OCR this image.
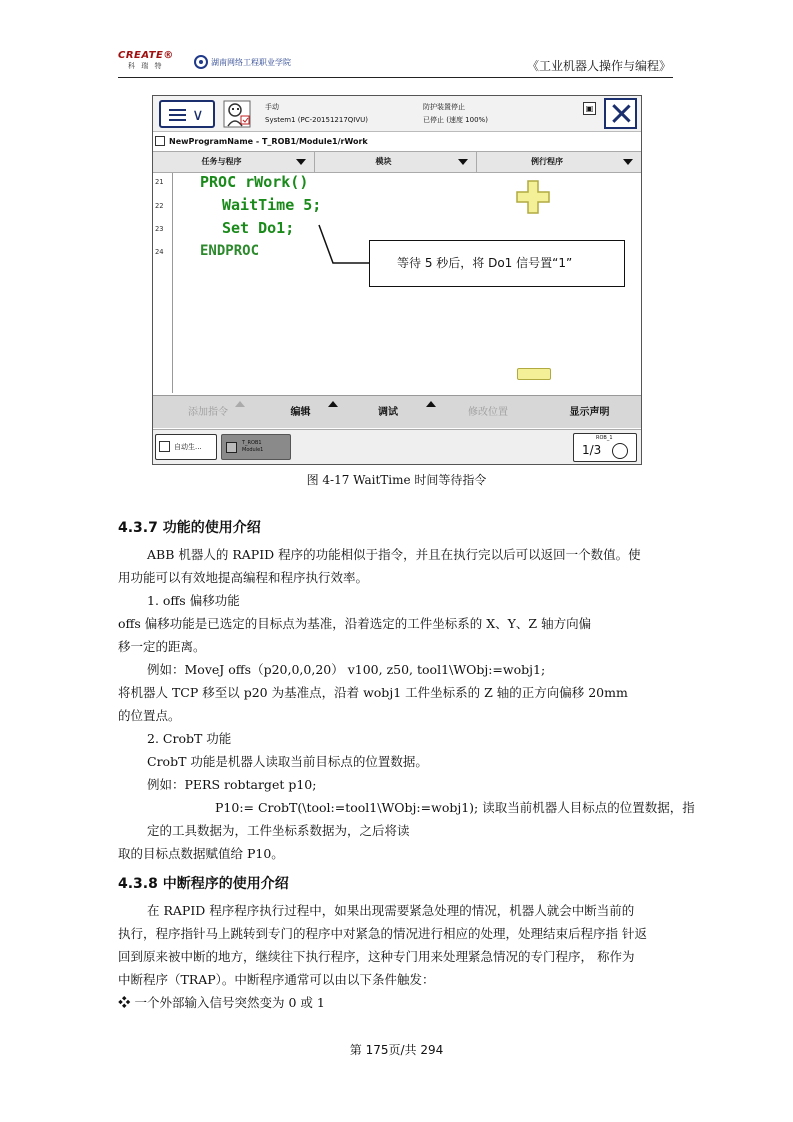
CREATE®
科 瑞 特	湖南网络工程职业学院	《工业机器人操作与编程》
∨	手动
System1 (PC-20151217QIVU)
防护装置停止
已停止 (速度 100%)
▣
NewProgramName - T_ROB1/Module1/rWork
任务与程序	模块	例行程序
21
22
23
24
PROC rWork()
WaitTime 5;
Set Do1;
ENDPROC
等待 5 秒后，将 Do1 信号置“1”
添加指令	编辑	调试	修改位置	显示声明
自动生...	T_ROB1
Module1
ROB_1
1/3
图 4-17 WaitTime 时间等待指令
4.3.7 功能的使用介绍
ABB 机器人的 RAPID 程序的功能相似于指令，并且在执行完以后可以返回一个数值。使
用功能可以有效地提高编程和程序执行效率。
1. offs 偏移功能
offs 偏移功能是已选定的目标点为基准，沿着选定的工件坐标系的 X、Y、Z 轴方向偏
移一定的距离。
例如：MoveJ offs（p20,0,0,20） v100, z50, tool1\WObj:=wobj1;
将机器人 TCP 移至以 p20 为基准点，沿着 wobj1 工件坐标系的 Z 轴的正方向偏移 20mm
的位置点。
2. CrobT 功能
CrobT 功能是机器人读取当前目标点的位置数据。
例如：PERS robtarget p10;
P10:= CrobT(\tool:=tool1\WObj:=wobj1); 读取当前机器人目标点的位置数据，指
定的工具数据为，工件坐标系数据为，之后将读
取的目标点数据赋值给 P10。
4.3.8 中断程序的使用介绍
在 RAPID 程序程序执行过程中，如果出现需要紧急处理的情况，机器人就会中断当前的
执行，程序指针马上跳转到专门的程序中对紧急的情况进行相应的处理，处理结束后程序指 针返
回到原来被中断的地方，继续往下执行程序，这种专门用来处理紧急情况的专门程序， 称作为
中断程序（TRAP）。中断程序通常可以由以下条件触发：
❖ 一个外部输入信号突然变为 0 或 1
第 175页/共 294
